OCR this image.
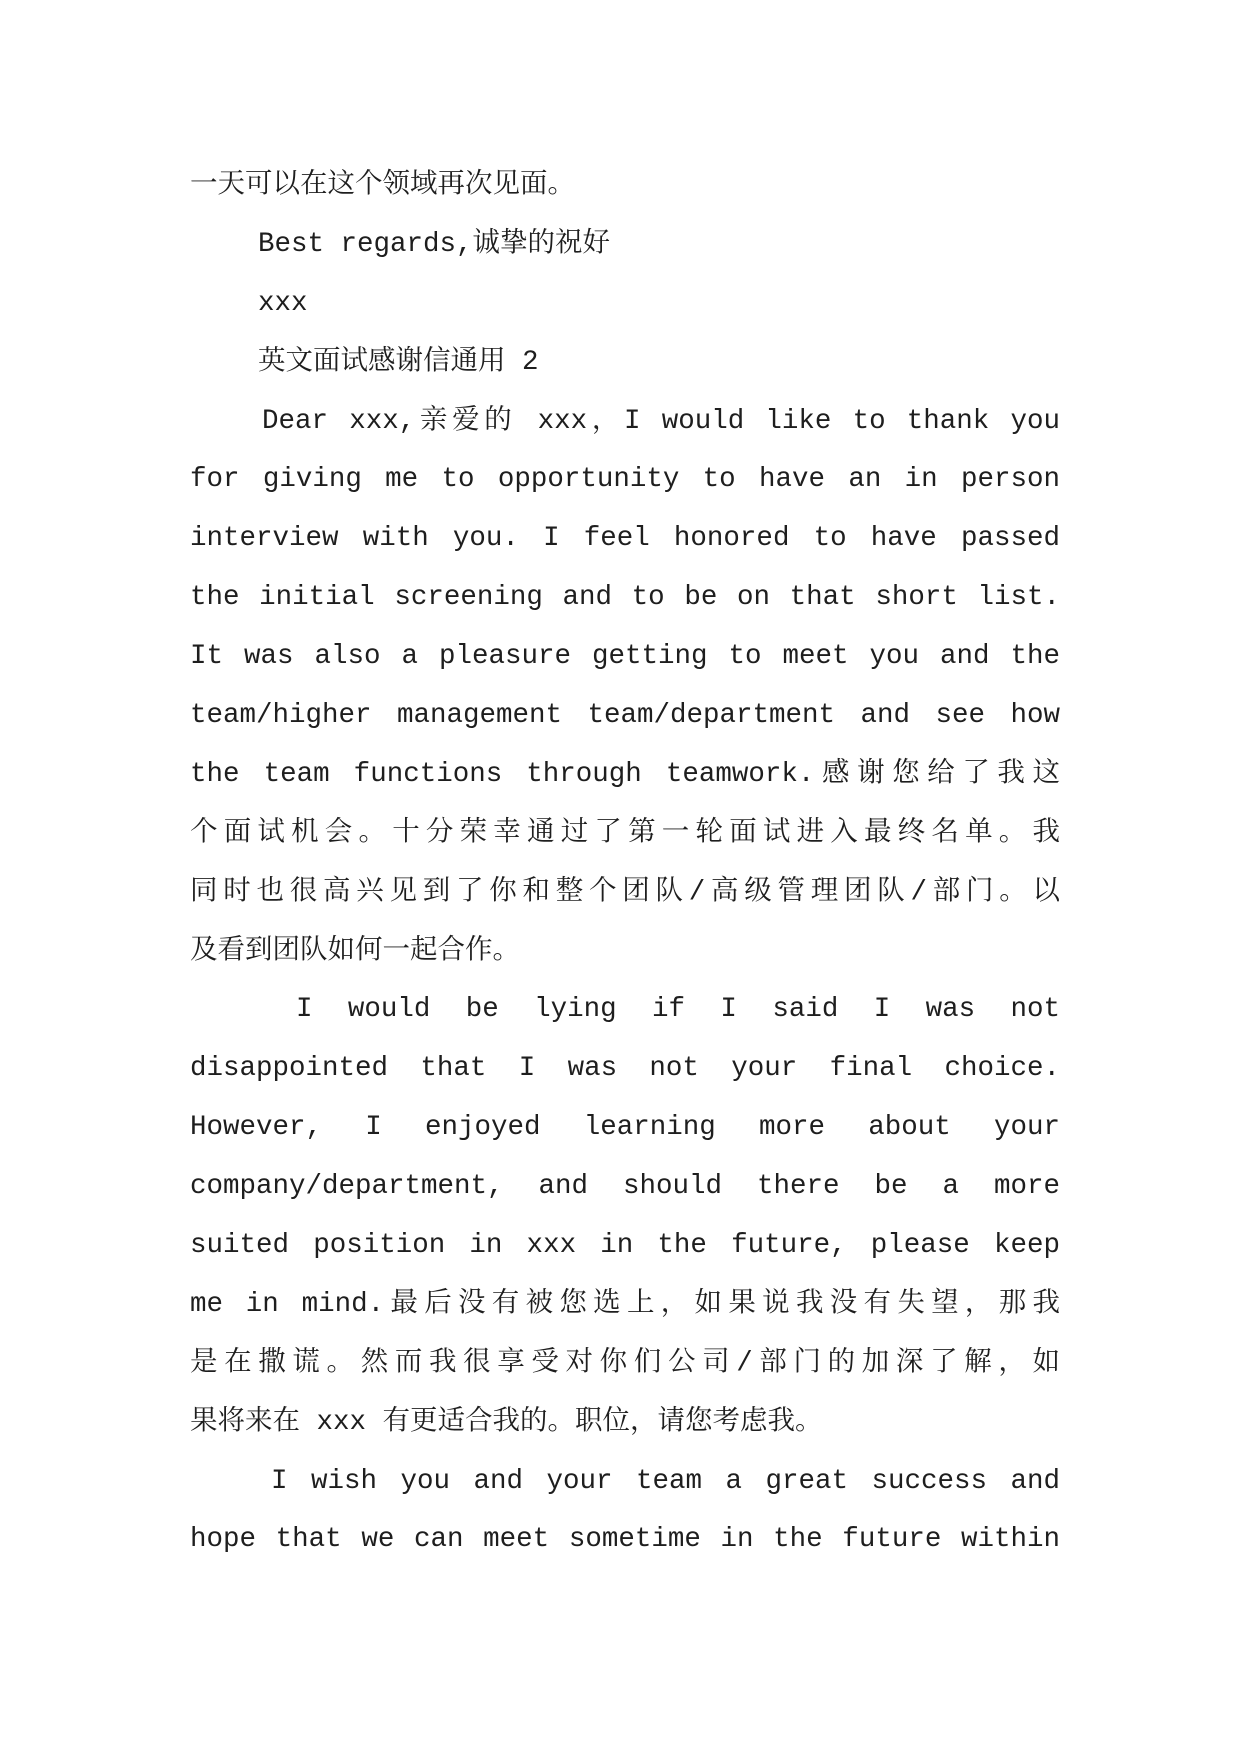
一天可以在这个领域再次见面。
Best regards,诚挚的祝好
xxx
英文面试感谢信通用 2
Dear xxx,亲爱的 xxx，I would like to thank you
for giving me to opportunity to have an in person
interview with you. I feel honored to have passed
the initial screening and to be on that short list.
It was also a pleasure getting to meet you and the
team/higher management team/department and see how
the team functions through teamwork.感谢您给了我这
个面试机会。十分荣幸通过了第一轮面试进入最终名单。我
同时也很高兴见到了你和整个团队/高级管理团队/部门。以
及看到团队如何一起合作。
I would be lying if I said I was not
disappointed that I was not your final choice.
However, I enjoyed learning more about your
company/department, and should there be a more
suited position in xxx in the future, please keep
me in mind.最后没有被您选上，如果说我没有失望，那我
是在撒谎。然而我很享受对你们公司/部门的加深了解，如
果将来在 xxx 有更适合我的。职位，请您考虑我。
I wish you and your team a great success and
hope that we can meet sometime in the future within
